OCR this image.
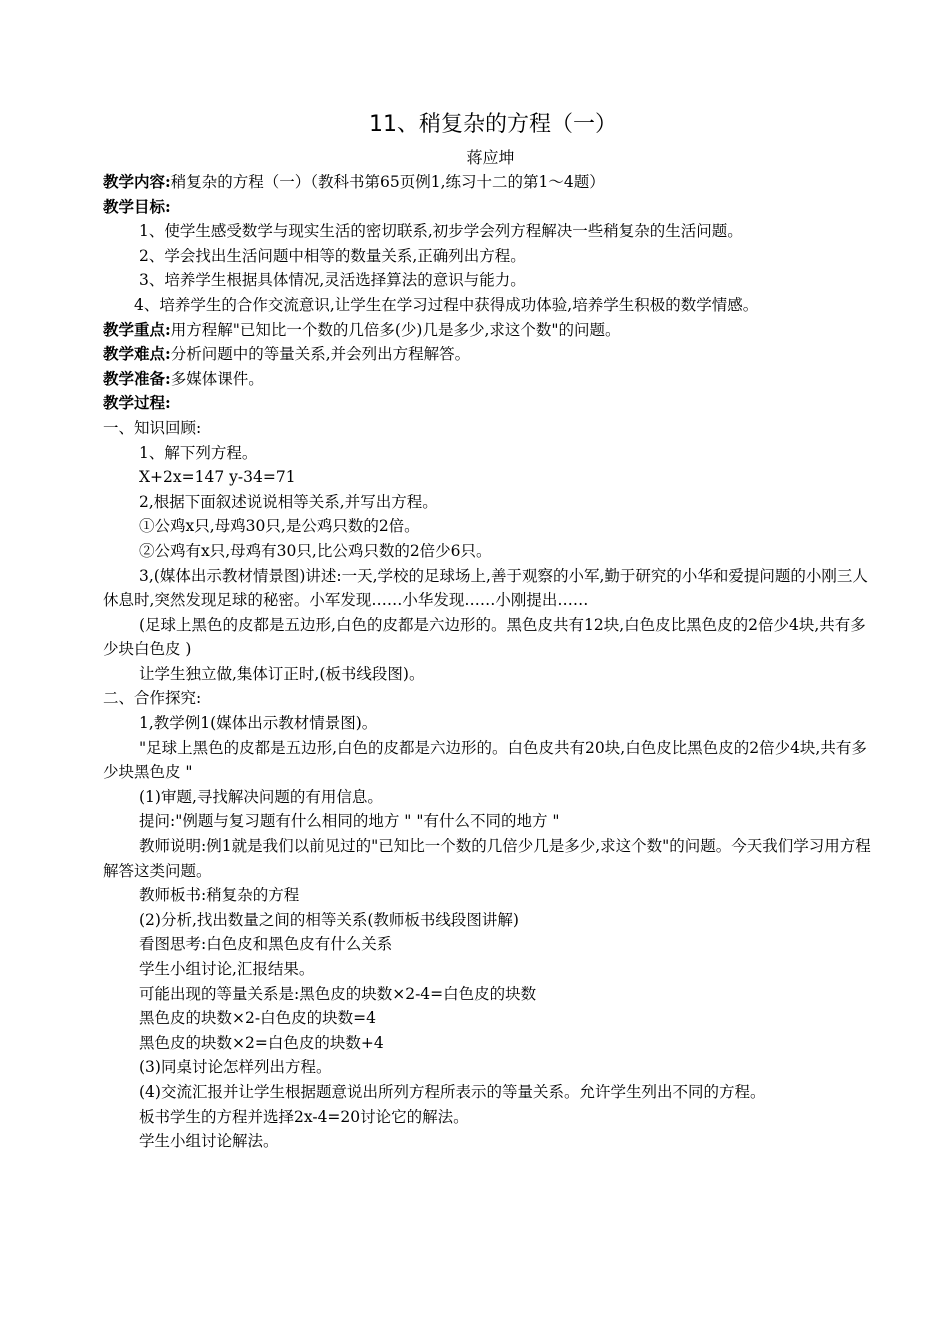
11、稍复杂的方程（一）
蒋应坤
教学内容:稍复杂的方程（一）（教科书第65页例1,练习十二的第1～4题）
教学目标:
1、使学生感受数学与现实生活的密切联系,初步学会列方程解决一些稍复杂的生活问题。
2、学会找出生活问题中相等的数量关系,正确列出方程。
3、培养学生根据具体情况,灵活选择算法的意识与能力。
4、培养学生的合作交流意识,让学生在学习过程中获得成功体验,培养学生积极的数学情感。
教学重点:用方程解"已知比一个数的几倍多(少)几是多少,求这个数"的问题。
教学难点:分析问题中的等量关系,并会列出方程解答。
教学准备:多媒体课件。
教学过程:
一、知识回顾:
1、解下列方程。
X+2x=147 y-34=71
2,根据下面叙述说说相等关系,并写出方程。
①公鸡x只,母鸡30只,是公鸡只数的2倍。
②公鸡有x只,母鸡有30只,比公鸡只数的2倍少6只。
3,(媒体出示教材情景图)讲述:一天,学校的足球场上,善于观察的小军,勤于研究的小华和爱提问题的小刚三人休息时,突然发现足球的秘密。小军发现……小华发现……小刚提出……
(足球上黑色的皮都是五边形,白色的皮都是六边形的。黑色皮共有12块,白色皮比黑色皮的2倍少4块,共有多少块白色皮 )
让学生独立做,集体订正时,(板书线段图)。
二、合作探究:
1,教学例1(媒体出示教材情景图)。
"足球上黑色的皮都是五边形,白色的皮都是六边形的。白色皮共有20块,白色皮比黑色皮的2倍少4块,共有多少块黑色皮 "
(1)审题,寻找解决问题的有用信息。
提问:"例题与复习题有什么相同的地方 " "有什么不同的地方 "
教师说明:例1就是我们以前见过的"已知比一个数的几倍少几是多少,求这个数"的问题。今天我们学习用方程解答这类问题。
教师板书:稍复杂的方程
(2)分析,找出数量之间的相等关系(教师板书线段图讲解)
看图思考:白色皮和黑色皮有什么关系
学生小组讨论,汇报结果。
可能出现的等量关系是:黑色皮的块数×2-4=白色皮的块数
黑色皮的块数×2-白色皮的块数=4
黑色皮的块数×2=白色皮的块数+4
(3)同桌讨论怎样列出方程。
(4)交流汇报并让学生根据题意说出所列方程所表示的等量关系。允许学生列出不同的方程。
板书学生的方程并选择2x-4=20讨论它的解法。
学生小组讨论解法。
